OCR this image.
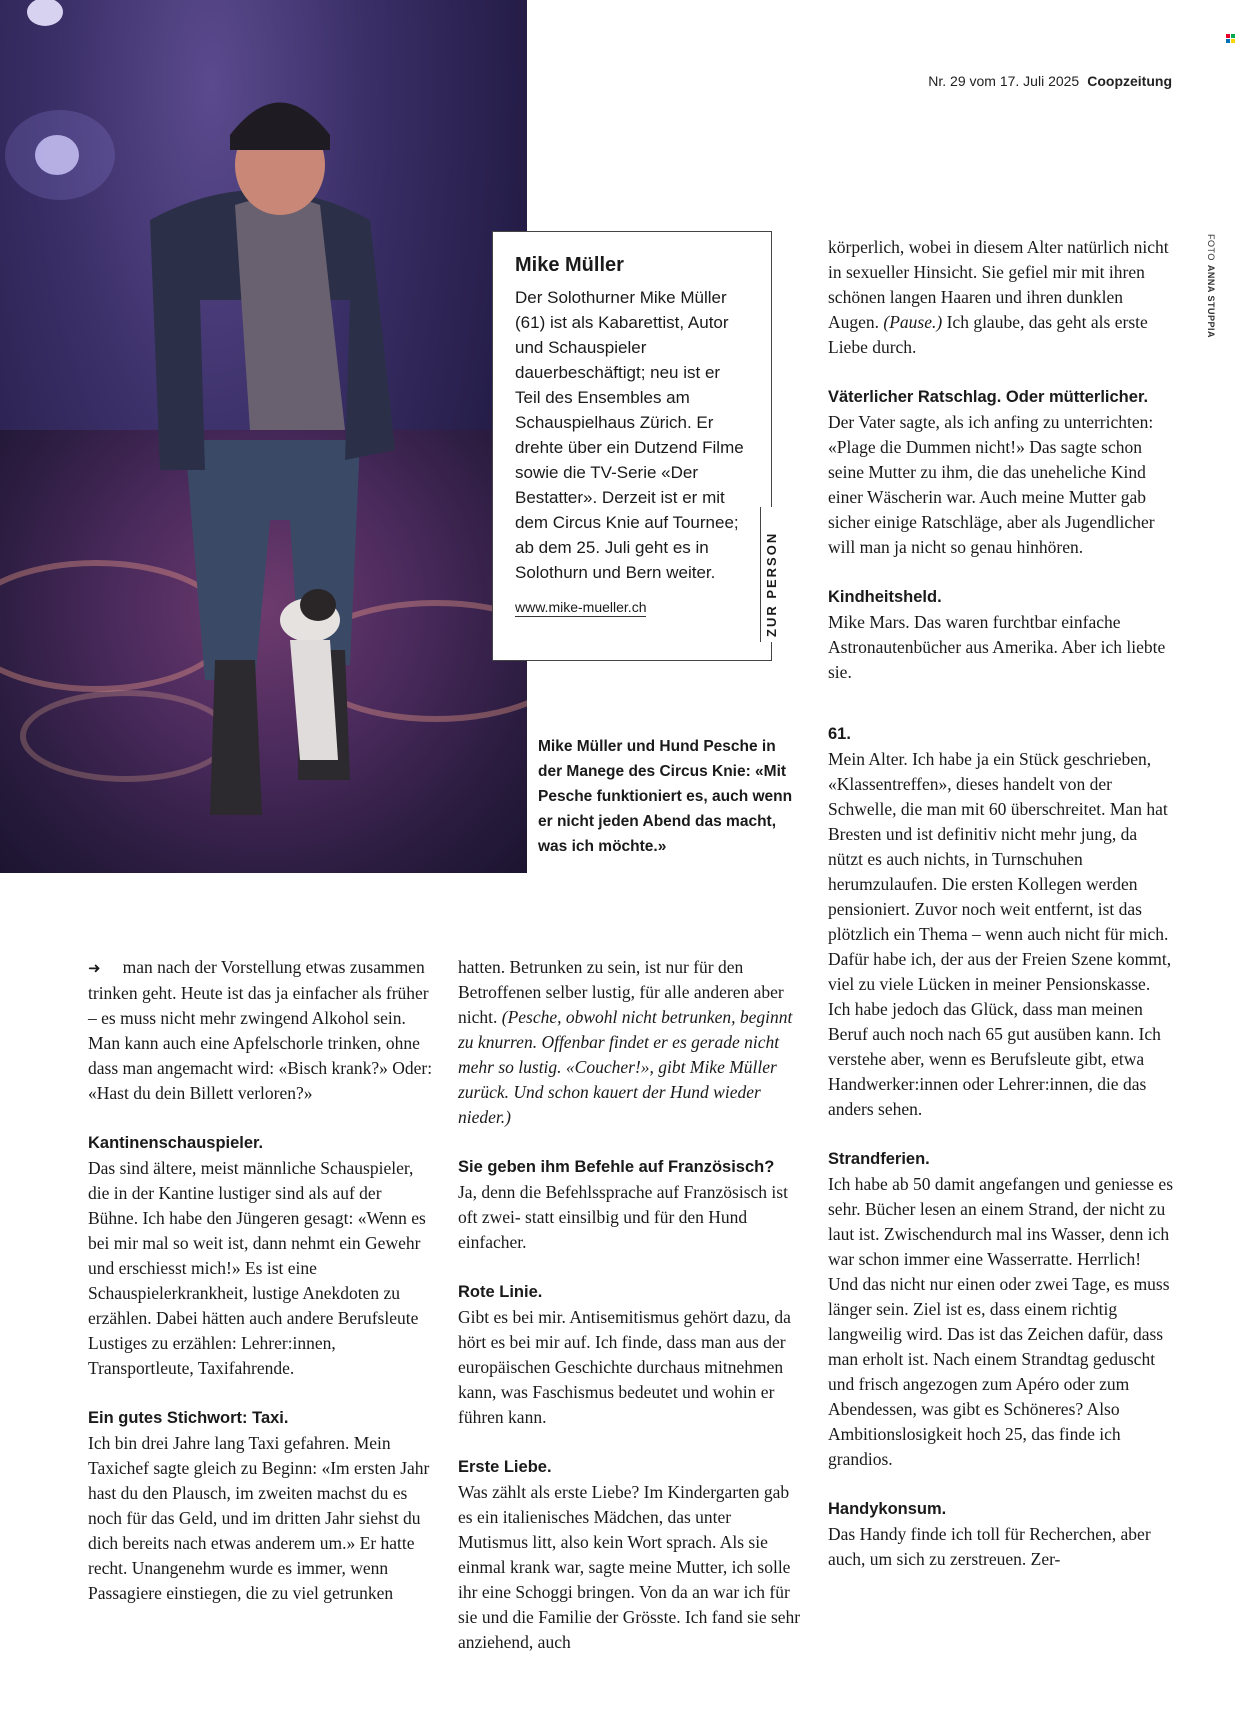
Nr. 29 vom 17. Juli 2025 Coopzeitung
FOTOANNA STUPPIA
Mike Müller

Der Solothurner Mike Müller (61) ist als Kabarettist, Autor und Schauspieler dauerbeschäftigt; neu ist er Teil des Ensembles am Schauspielhaus Zürich. Er drehte über ein Dutzend Filme sowie die TV-Serie «Der Bestatter». Derzeit ist er mit dem Circus Knie auf Tournee; ab dem 25. Juli geht es in Solothurn und Bern weiter.

www.mike-mueller.ch	ZUR PERSON
Mike Müller und Hund Pesche in der Manege des Circus Knie: «Mit Pesche funktioniert es, auch wenn er nicht jeden Abend das macht, was ich möchte.»

➜ man nach der Vorstellung etwas zusammen trinken geht. Heute ist das ja einfacher als früher – es muss nicht mehr zwingend Alkohol sein. Man kann auch eine Apfelschorle trinken, ohne dass man angemacht wird: «Bisch krank?» Oder: «Hast du dein Billett verloren?»

Kantinenschauspieler.

Das sind ältere, meist männliche Schauspieler, die in der Kantine lustiger sind als auf der Bühne. Ich habe den Jüngeren gesagt: «Wenn es bei mir mal so weit ist, dann nehmt ein Gewehr und erschiesst mich!» Es ist eine Schauspielerkrankheit, lustige Anekdoten zu erzählen. Dabei hätten auch andere Berufsleute Lustiges zu erzählen: Lehrer:innen, Transportleute, Taxifahrende.

Ein gutes Stichwort: Taxi.

Ich bin drei Jahre lang Taxi gefahren. Mein Taxichef sagte gleich zu Beginn: «Im ersten Jahr hast du den Plausch, im zweiten machst du es noch für das Geld, und im dritten Jahr siehst du dich bereits nach etwas anderem um.» Er hatte recht. Unangenehm wurde es immer, wenn Passagiere einstiegen, die zu viel getrunken

hatten. Betrunken zu sein, ist nur für den Betroffenen selber lustig, für alle anderen aber nicht. (Pesche, obwohl nicht betrunken, beginnt zu knurren. Offenbar findet er es gerade nicht mehr so lustig. «Coucher!», gibt Mike Müller zurück. Und schon kauert der Hund wieder nieder.)

Sie geben ihm Befehle auf Französisch?

Ja, denn die Befehlssprache auf Französisch ist oft zwei- statt einsilbig und für den Hund einfacher.

Rote Linie.

Gibt es bei mir. Antisemitismus gehört dazu, da hört es bei mir auf. Ich finde, dass man aus der europäischen Geschichte durchaus mitnehmen kann, was Faschismus bedeutet und wohin er führen kann.

Erste Liebe.

Was zählt als erste Liebe? Im Kindergarten gab es ein italienisches Mädchen, das unter Mutismus litt, also kein Wort sprach. Als sie einmal krank war, sagte meine Mutter, ich solle ihr eine Schoggi bringen. Von da an war ich für sie und die Familie der Grösste. Ich fand sie sehr anziehend, auch

körperlich, wobei in diesem Alter natürlich nicht in sexueller Hinsicht. Sie gefiel mir mit ihren schönen langen Haaren und ihren dunklen Augen. (Pause.) Ich glaube, das geht als erste Liebe durch.

Väterlicher Ratschlag. Oder mütterlicher.

Der Vater sagte, als ich anfing zu unterrichten: «Plage die Dummen nicht!» Das sagte schon seine Mutter zu ihm, die das uneheliche Kind einer Wäscherin war. Auch meine Mutter gab sicher einige Ratschläge, aber als Jugendlicher will man ja nicht so genau hinhören.

Kindheitsheld.

Mike Mars. Das waren furchtbar einfache Astronautenbücher aus Amerika. Aber ich liebte sie.

61.

Mein Alter. Ich habe ja ein Stück geschrieben, «Klassentreffen», dieses handelt von der Schwelle, die man mit 60 überschreitet. Man hat Bresten und ist definitiv nicht mehr jung, da nützt es auch nichts, in Turnschuhen herumzulaufen. Die ersten Kollegen werden pensioniert. Zuvor noch weit entfernt, ist das plötzlich ein Thema – wenn auch nicht für mich. Dafür habe ich, der aus der Freien Szene kommt, viel zu viele Lücken in meiner Pensionskasse. Ich habe jedoch das Glück, dass man meinen Beruf auch noch nach 65 gut ausüben kann. Ich verstehe aber, wenn es Berufsleute gibt, etwa Handwerker:innen oder Lehrer:innen, die das anders sehen.

Strandferien.

Ich habe ab 50 damit angefangen und geniesse es sehr. Bücher lesen an einem Strand, der nicht zu laut ist. Zwischendurch mal ins Wasser, denn ich war schon immer eine Wasserratte. Herrlich! Und das nicht nur einen oder zwei Tage, es muss länger sein. Ziel ist es, dass einem richtig langweilig wird. Das ist das Zeichen dafür, dass man erholt ist. Nach einem Strandtag geduscht und frisch angezogen zum Apéro oder zum Abendessen, was gibt es Schöneres? Also Ambitionslosigkeit hoch 25, das finde ich grandios.

Handykonsum.

Das Handy finde ich toll für Recherchen, aber auch, um sich zu zerstreuen. Zer-
